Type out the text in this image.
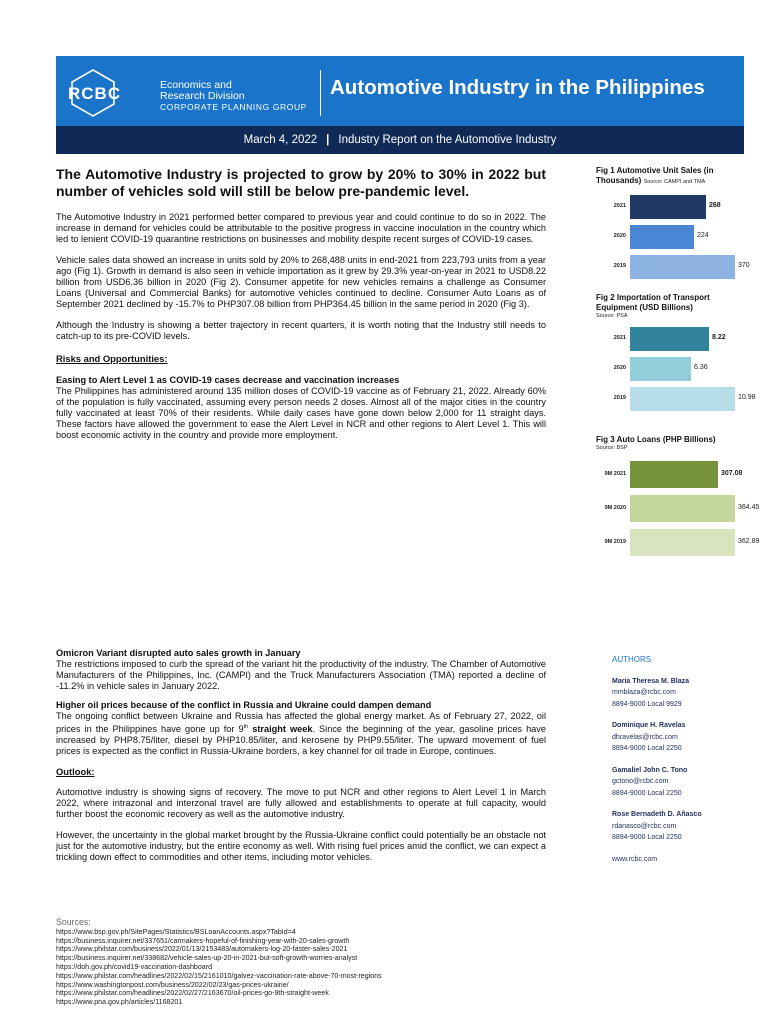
RCBC	Economics and
Research Division
CORPORATE PLANNING GROUP
Automotive Industry in the Philippines
March 4, 2022 | Industry Report on the Automotive Industry
The Automotive Industry is projected to grow by 20% to 30% in 2022 but number of vehicles sold will still be below pre-pandemic level.

The Automotive Industry in 2021 performed better compared to previous year and could continue to do so in 2022. The increase in demand for vehicles could be attributable to the positive progress in vaccine inoculation in the country which led to lenient COVID-19 quarantine restrictions on businesses and mobility despite recent surges of COVID-19 cases.

Vehicle sales data showed an increase in units sold by 20% to 268,488 units in end-2021 from 223,793 units from a year ago (Fig 1). Growth in demand is also seen in vehicle importation as it grew by 29.3% year-on-year in 2021 to USD8.22 billion from USD6.36 billion in 2020 (Fig 2). Consumer appetite for new vehicles remains a challenge as Consumer Loans (Universal and Commercial Banks) for automotive vehicles continued to decline. Consumer Auto Loans as of September 2021 declined by -15.7% to PHP307.08 billion from PHP364.45 billion in the same period in 2020 (Fig 3).

Although the Industry is showing a better trajectory in recent quarters, it is worth noting that the Industry still needs to catch-up to its pre-COVID levels.

Risks and Opportunities:
Easing to Alert Level 1 as COVID-19 cases decrease and vaccination increases

The Philippines has administered around 135 million doses of COVID-19 vaccine as of February 21, 2022. Already 60% of the population is fully vaccinated, assuming every person needs 2 doses. Almost all of the major cities in the country fully vaccinated at least 70% of their residents. While daily cases have gone down below 2,000 for 11 straight days. These factors have allowed the government to ease the Alert Level in NCR and other regions to Alert Level 1. This will boost economic activity in the country and provide more employment.

Omicron Variant disrupted auto sales growth in January

The restrictions imposed to curb the spread of the variant hit the productivity of the industry. The Chamber of Automotive Manufacturers of the Philippines, Inc. (CAMPI) and the Truck Manufacturers Association (TMA) reported a decline of -11.2% in vehicle sales in January 2022.

Higher oil prices because of the conflict in Russia and Ukraine could dampen demand

The ongoing conflict between Ukraine and Russia has affected the global energy market. As of February 27, 2022, oil prices in the Philippines have gone up for 9th straight week. Since the beginning of the year, gasoline prices have increased by PHP8.75/liter, diesel by PHP10.85/liter, and kerosene by PHP9.55/liter. The upward movement of fuel prices is expected as the conflict in Russia-Ukraine borders, a key channel for oil trade in Europe, continues.

Outlook:

Automotive industry is showing signs of recovery. The move to put NCR and other regions to Alert Level 1 in March 2022, where intrazonal and interzonal travel are fully allowed and establishments to operate at full capacity, would further boost the economic recovery as well as the automotive industry.

However, the uncertainty in the global market brought by the Russia-Ukraine conflict could potentially be an obstacle not just for the automotive industry, but the entire economy as well. With rising fuel prices amid the conflict, we can expect a trickling down effect to commodities and other items, including motor vehicles.

Sources:
https://www.bsp.gov.ph/SitePages/Statistics/BSLoanAccounts.aspx?TabId=4
https://business.inquirer.net/337651/carmakers-hopeful-of-finishing-year-with-20-sales-growth
https://www.philstar.com/business/2022/01/13/2153483/automakers-log-20-faster-sales-2021
https://business.inquirer.net/338682/vehicle-sales-up-20-in-2021-but-soft-growth-worries-analyst
https://doh.gov.ph/covid19-vaccination-dashboard
https://www.philstar.com/headlines/2022/02/15/2161010/galvez-vaccination-rate-above-70-most-regions
https://www.washingtonpost.com/business/2022/02/23/gas-prices-ukraine/
https://www.philstar.com/headlines/2022/02/27/2163670/oil-prices-go-9th-straight-week
https://www.pna.gov.ph/articles/1168201
Fig 1 Automotive Unit Sales (in Thousands) Source: CAMPI and TMA
2021	268
2020	224
2019	370
Fig 2 Importation of Transport Equipment (USD Billions)
Source: PSA
2021	8.22
2020	6.36
2019	10.98
Fig 3 Auto Loans (PHP Billions)
Source: BSP
9M 2021	307.08
9M 2020	364.45
9M 2019	362.89
AUTHORS
Maria Theresa M. Blaza
mmblaza@rcbc.com
8894-9000 Local 9929
Dominique H. Ravelas
dhravelas@rcbc.com
8894-9000 Local 2250
Gamaliel John C. Tono
gctono@rcbc.com
8894-9000 Local 2250
Rose Bernadeth D. Añasco
rdanasco@rcbc.com
8894-9000 Local 2250
www.rcbc.com
